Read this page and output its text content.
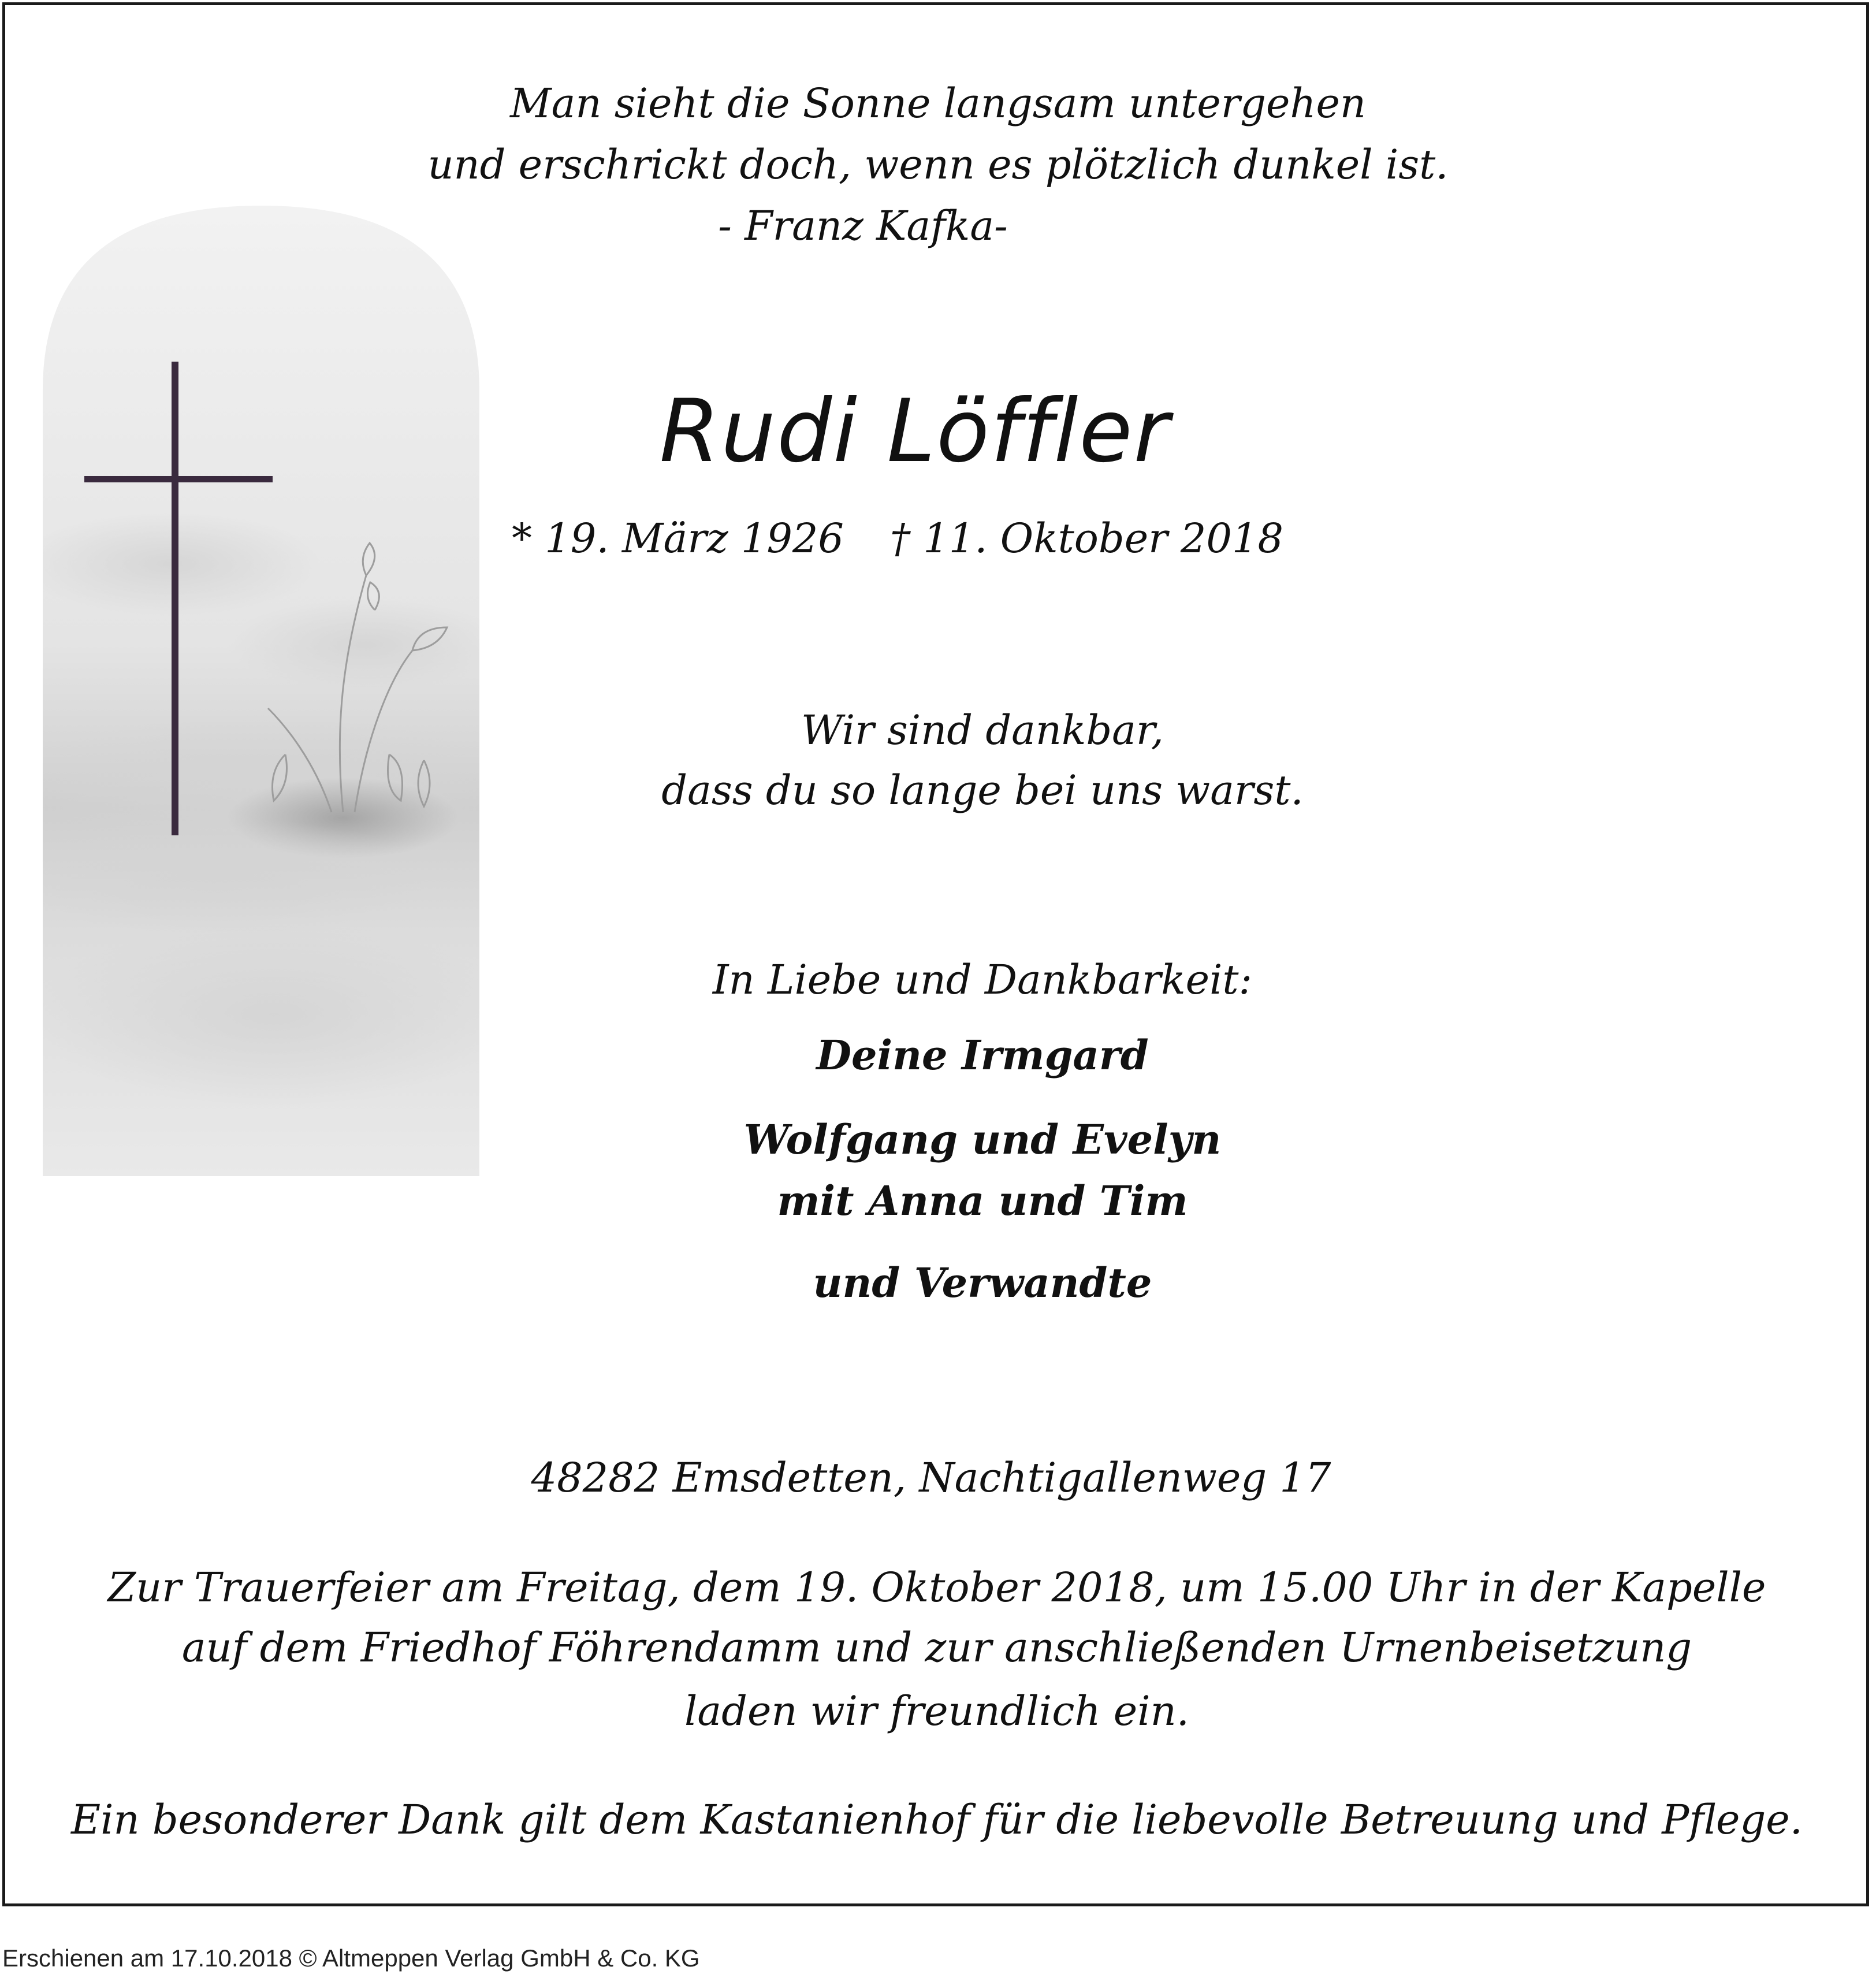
Man sieht die Sonne langsam untergehen
und erschrickt doch, wenn es plötzlich dunkel ist.
- Franz Kafka-
Rudi Löffler
* 19. März 1926 † 11. Oktober 2018
Wir sind dankbar,
dass du so lange bei uns warst.
In Liebe und Dankbarkeit:
Deine Irmgard
Wolfgang und Evelyn
mit Anna und Tim
und Verwandte
48282 Emsdetten, Nachtigallenweg 17
Zur Trauerfeier am Freitag, dem 19. Oktober 2018, um 15.00 Uhr in der Kapelle
auf dem Friedhof Föhrendamm und zur anschließenden Urnenbeisetzung
laden wir freundlich ein.
Ein besonderer Dank gilt dem Kastanienhof für die liebevolle Betreuung und Pflege.
Erschienen am 17.10.2018 © Altmeppen Verlag GmbH & Co. KG
